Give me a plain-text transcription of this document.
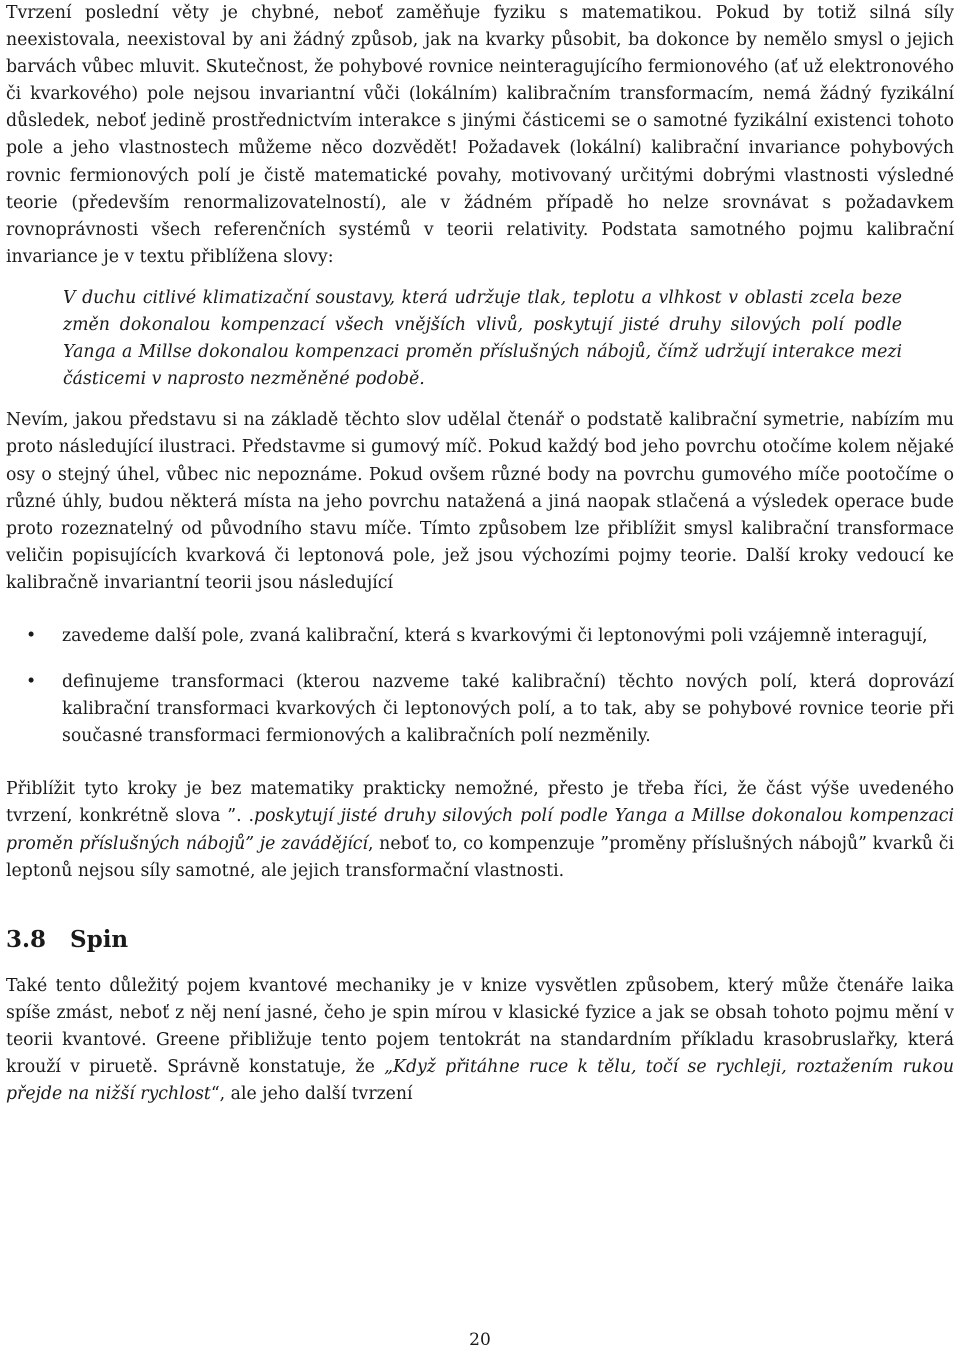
Tvrzení poslední věty je chybné, neboť zaměňuje fyziku s matematikou. Pokud by totiž silná síly neexistovala, neexistoval by ani žádný způsob, jak na kvarky působit, ba dokonce by nemělo smysl o jejich barvách vůbec mluvit. Skutečnost, že pohybové rovnice neinteragujícího fermionového (ať už elektronového či kvarkového) pole nejsou invariantní vůči (lokálním) kalibračním transformacím, nemá žádný fyzikální důsledek, neboť jedině prostřednictvím interakce s jinými částicemi se o samotné fyzikální existenci tohoto pole a jeho vlastnostech můžeme něco dozvědět! Požadavek (lokální) kalibrační invariance pohybových rovnic fermionových polí je čistě matematické povahy, motivovaný určitými dobrými vlastnosti výsledné teorie (především renormalizovatelností), ale v žádném případě ho nelze srovnávat s požadavkem rovnoprávnosti všech referenčních systémů v teorii relativity. Podstata samotného pojmu kalibrační invariance je v textu přiblížena slovy:

V duchu citlivé klimatizační soustavy, která udržuje tlak, teplotu a vlhkost v oblasti zcela beze změn dokonalou kompenzací všech vnějších vlivů, poskytují jisté druhy silových polí podle Yanga a Millse dokonalou kompenzaci proměn příslušných nábojů, čímž udržují interakce mezi částicemi v naprosto nezměněné podobě.

Nevím, jakou představu si na základě těchto slov udělal čtenář o podstatě kalibrační symetrie, nabízím mu proto následující ilustraci. Představme si gumový míč. Pokud každý bod jeho povrchu otočíme kolem nějaké osy o stejný úhel, vůbec nic nepoznáme. Pokud ovšem různé body na povrchu gumového míče pootočíme o různé úhly, budou některá místa na jeho povrchu natažená a jiná naopak stlačená a výsledek operace bude proto rozeznatelný od původního stavu míče. Tímto způsobem lze přiblížit smysl kalibrační transformace veličin popisujících kvarková či leptonová pole, jež jsou výchozími pojmy teorie. Další kroky vedoucí ke kalibračně invariantní teorii jsou následující

• zavedeme další pole, zvaná kalibrační, která s kvarkovými či leptonovými poli vzájemně interagují,
• definujeme transformaci (kterou nazveme také kalibrační) těchto nových polí, která doprovází kalibrační transformaci kvarkových či leptonových polí, a to tak, aby se pohybové rovnice teorie při současné transformaci fermionových a kalibračních polí nezměnily.

Přiblížit tyto kroky je bez matematiky prakticky nemožné, přesto je třeba říci, že část výše uvedeného tvrzení, konkrétně slova ”. .poskytují jisté druhy silových polí podle Yanga a Millse dokonalou kompenzaci proměn příslušných nábojů” je zavádějící, neboť to, co kompenzuje ”proměny příslušných nábojů” kvarků či leptonů nejsou síly samotné, ale jejich transformační vlastnosti.

3.8 Spin

Také tento důležitý pojem kvantové mechaniky je v knize vysvětlen způsobem, který může čtenáře laika spíše zmást, neboť z něj není jasné, čeho je spin mírou v klasické fyzice a jak se obsah tohoto pojmu mění v teorii kvantové. Greene přibližuje tento pojem tentokrát na standardním příkladu krasobruslařky, která krouží v piruetě. Správně konstatuje, že „Když přitáhne ruce k tělu, točí se rychleji, roztažením rukou přejde na nižší rychlost“, ale jeho další tvrzení

20
